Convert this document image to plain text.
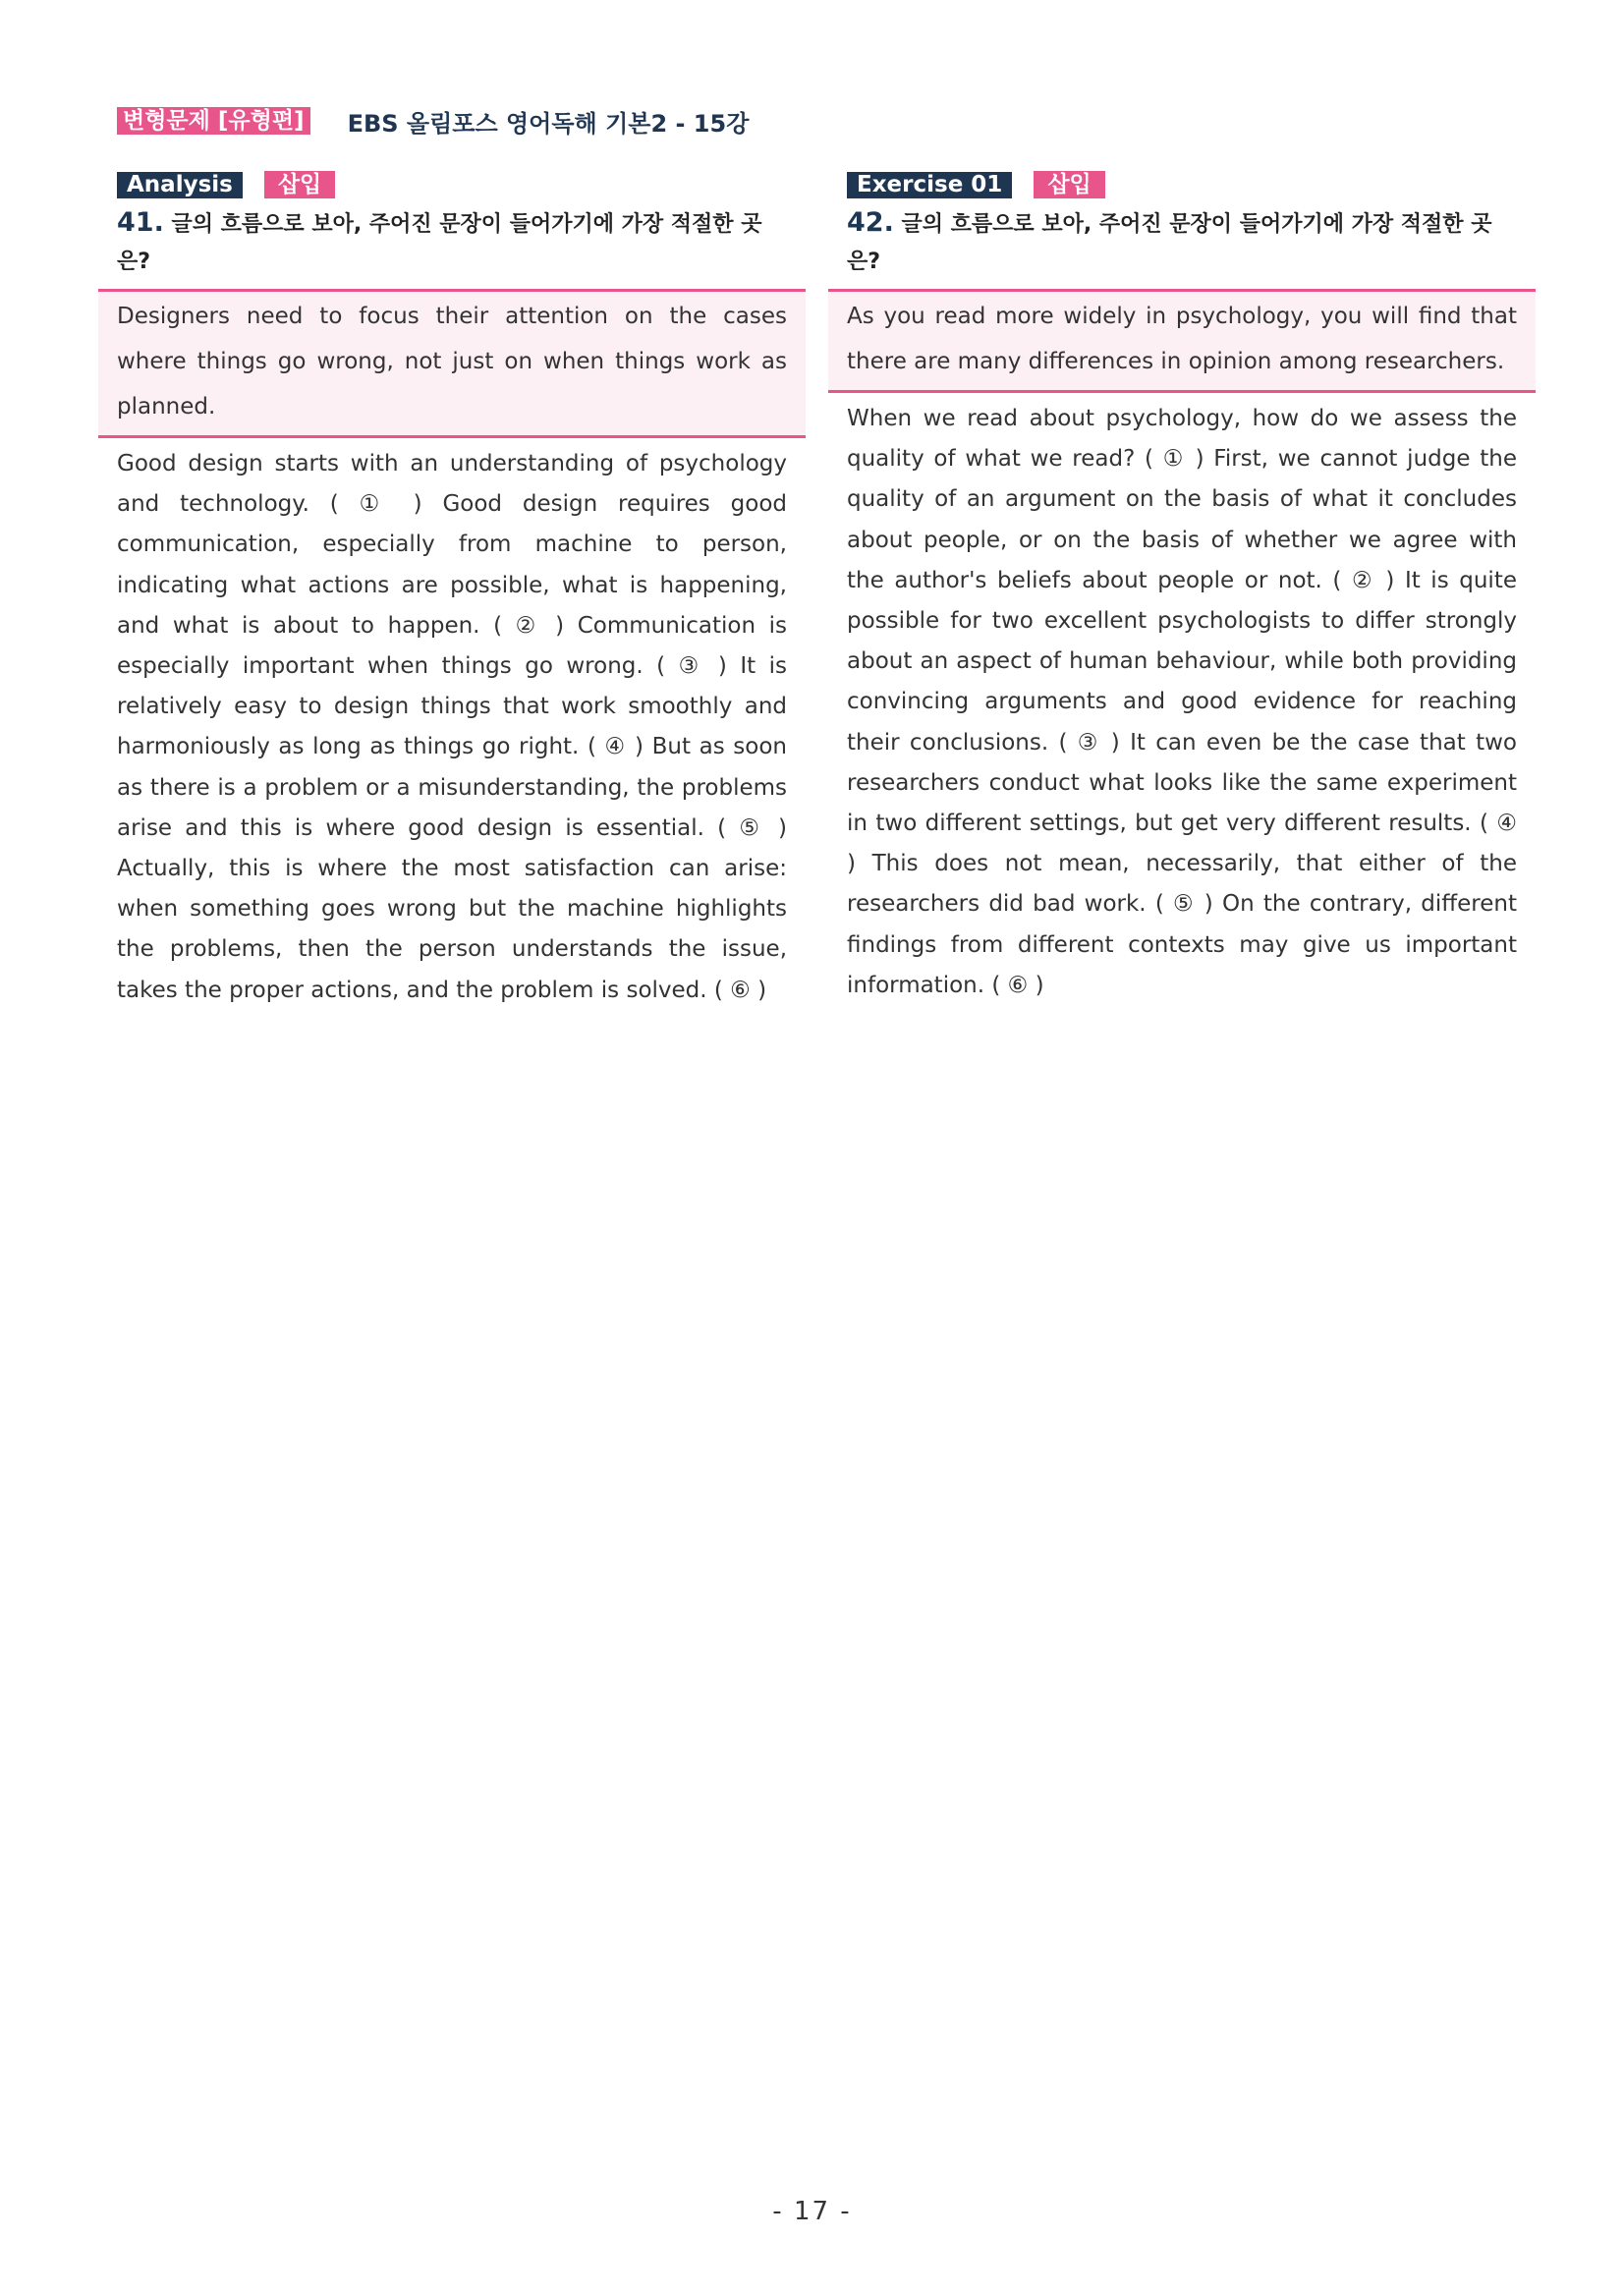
변형문제 [유형편] EBS 올림포스 영어독해 기본2 - 15강
Analysis	삽입
41. 글의 흐름으로 보아, 주어진 문장이 들어가기에 가장 적절한 곳은?
Designers need to focus their attention on the cases where things go wrong, not just on when things work as planned.
Good design starts with an understanding of psychology and technology. ( ① ) Good design requires good communication, especially from machine to person, indicating what actions are possible, what is happening, and what is about to happen. ( ② ) Communication is especially important when things go wrong. ( ③ ) It is relatively easy to design things that work smoothly and harmoniously as long as things go right. ( ④ ) But as soon as there is a problem or a misunderstanding, the problems arise and this is where good design is essential. ( ⑤ ) Actually, this is where the most satisfaction can arise: when something goes wrong but the machine highlights the problems, then the person understands the issue, takes the proper actions, and the problem is solved. ( ⑥ )
Exercise 01	삽입
42. 글의 흐름으로 보아, 주어진 문장이 들어가기에 가장 적절한 곳은?
As you read more widely in psychology, you will find that there are many differences in opinion among researchers.
When we read about psychology, how do we assess the quality of what we read? ( ① ) First, we cannot judge the quality of an argument on the basis of what it concludes about people, or on the basis of whether we agree with the author's beliefs about people or not. ( ② ) It is quite possible for two excellent psychologists to differ strongly about an aspect of human behaviour, while both providing convincing arguments and good evidence for reaching their conclusions. ( ③ ) It can even be the case that two researchers conduct what looks like the same experiment in two different settings, but get very different results. ( ④ ) This does not mean, necessarily, that either of the researchers did bad work. ( ⑤ ) On the contrary, different findings from different contexts may give us important information. ( ⑥ )
- 17 -
